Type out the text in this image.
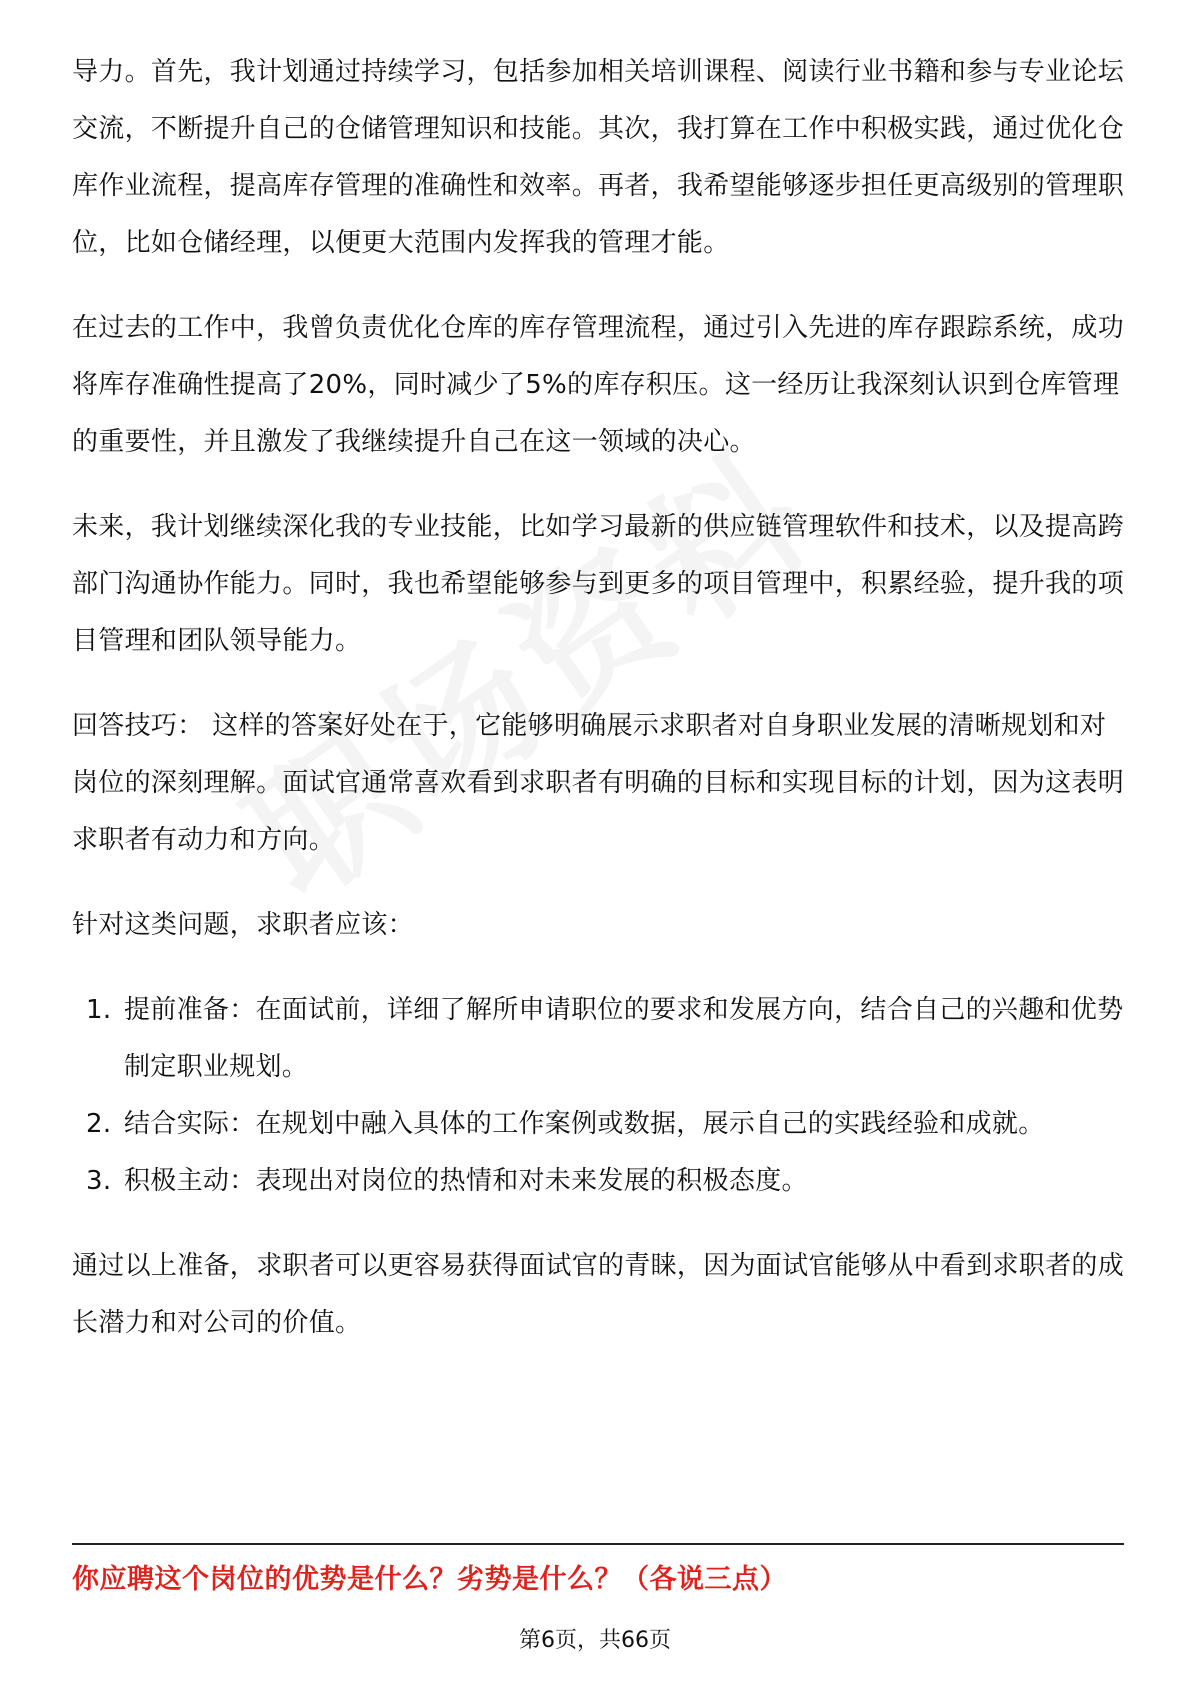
导力。首先，我计划通过持续学习，包括参加相关培训课程、阅读行业书籍和参与专业论坛交流，不断提升自己的仓储管理知识和技能。其次，我打算在工作中积极实践，通过优化仓库作业流程，提高库存管理的准确性和效率。再者，我希望能够逐步担任更高级别的管理职位，比如仓储经理，以便更大范围内发挥我的管理才能。

在过去的工作中，我曾负责优化仓库的库存管理流程，通过引入先进的库存跟踪系统，成功将库存准确性提高了20%，同时减少了5%的库存积压。这一经历让我深刻认识到仓库管理的重要性，并且激发了我继续提升自己在这一领域的决心。

未来，我计划继续深化我的专业技能，比如学习最新的供应链管理软件和技术，以及提高跨部门沟通协作能力。同时，我也希望能够参与到更多的项目管理中，积累经验，提升我的项目管理和团队领导能力。

回答技巧： 这样的答案好处在于，它能够明确展示求职者对自身职业发展的清晰规划和对岗位的深刻理解。面试官通常喜欢看到求职者有明确的目标和实现目标的计划，因为这表明求职者有动力和方向。

针对这类问题，求职者应该：

1. 提前准备：在面试前，详细了解所申请职位的要求和发展方向，结合自己的兴趣和优势制定职业规划。
2. 结合实际：在规划中融入具体的工作案例或数据，展示自己的实践经验和成就。
3. 积极主动：表现出对岗位的热情和对未来发展的积极态度。

通过以上准备，求职者可以更容易获得面试官的青睐，因为面试官能够从中看到求职者的成长潜力和对公司的价值。

你应聘这个岗位的优势是什么？劣势是什么？（各说三点）
第6页，共66页
